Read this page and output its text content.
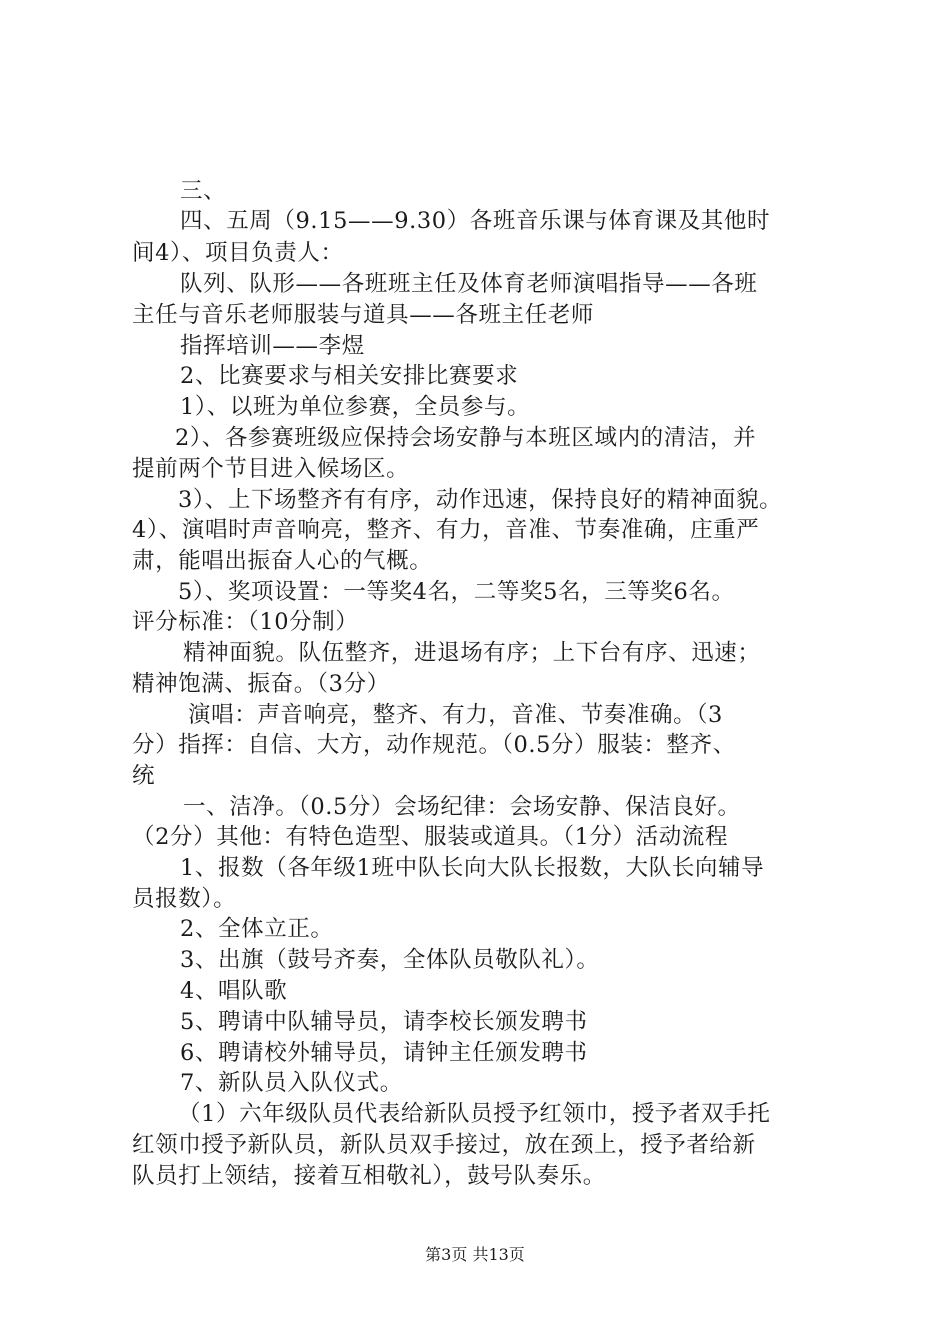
三、
四、五周（9.15——9.30）各班音乐课与体育课及其他时
间4）、项目负责人：
队列、队形——各班班主任及体育老师演唱指导——各班
主任与音乐老师服装与道具——各班主任老师
指挥培训——李煜
2、比赛要求与相关安排比赛要求
1）、以班为单位参赛，全员参与。
2）、各参赛班级应保持会场安静与本班区域内的清洁，并
提前两个节目进入候场区。
3）、上下场整齐有有序，动作迅速，保持良好的精神面貌。
4）、演唱时声音响亮，整齐、有力，音准、节奏准确，庄重严
肃，能唱出振奋人心的气概。
5）、奖项设置：一等奖4名，二等奖5名，三等奖6名。
评分标准：（10分制）
精神面貌。队伍整齐，进退场有序；上下台有序、迅速；
精神饱满、振奋。（3分）
演唱：声音响亮，整齐、有力，音准、节奏准确。（3
分）指挥：自信、大方，动作规范。（0.5分）服装：整齐、
统
一、洁净。（0.5分）会场纪律：会场安静、保洁良好。
（2分）其他：有特色造型、服装或道具。（1分）活动流程
1、报数（各年级1班中队长向大队长报数，大队长向辅导
员报数）。
2、全体立正。
3、出旗（鼓号齐奏，全体队员敬队礼）。
4、唱队歌
5、聘请中队辅导员，请李校长颁发聘书
6、聘请校外辅导员，请钟主任颁发聘书
7、新队员入队仪式。
（1）六年级队员代表给新队员授予红领巾，授予者双手托
红领巾授予新队员，新队员双手接过，放在颈上，授予者给新
队员打上领结，接着互相敬礼），鼓号队奏乐。
第3页 共13页
